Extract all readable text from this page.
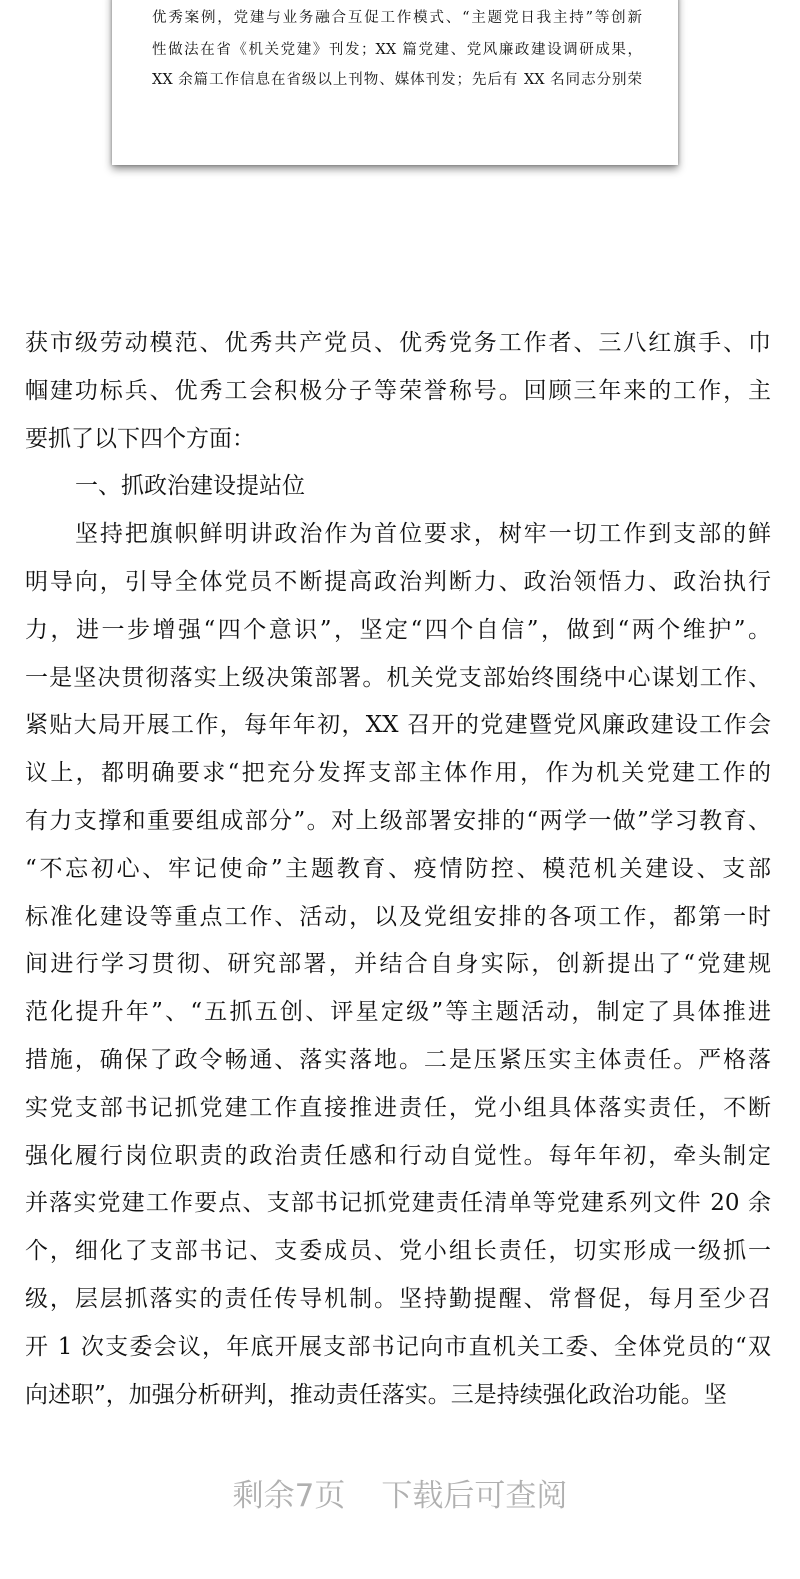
优秀案例，党建与业务融合互促工作模式、“主题党日我主持”等创新
性做法在省《机关党建》刊发；XX 篇党建、党风廉政建设调研成果，
XX 余篇工作信息在省级以上刊物、媒体刊发；先后有 XX 名同志分别荣
获市级劳动模范、优秀共产党员、优秀党务工作者、三八红旗手、巾
帼建功标兵、优秀工会积极分子等荣誉称号。回顾三年来的工作，主
要抓了以下四个方面：
一、抓政治建设提站位
坚持把旗帜鲜明讲政治作为首位要求，树牢一切工作到支部的鲜
明导向，引导全体党员不断提高政治判断力、政治领悟力、政治执行
力，进一步增强“四个意识”，坚定“四个自信”，做到“两个维护”。
一是坚决贯彻落实上级决策部署。机关党支部始终围绕中心谋划工作、
紧贴大局开展工作，每年年初，XX 召开的党建暨党风廉政建设工作会
议上，都明确要求“把充分发挥支部主体作用，作为机关党建工作的
有力支撑和重要组成部分”。对上级部署安排的“两学一做”学习教育、
“不忘初心、牢记使命”主题教育、疫情防控、模范机关建设、支部
标准化建设等重点工作、活动，以及党组安排的各项工作，都第一时
间进行学习贯彻、研究部署，并结合自身实际，创新提出了“党建规
范化提升年”、“五抓五创、评星定级”等主题活动，制定了具体推进
措施，确保了政令畅通、落实落地。二是压紧压实主体责任。严格落
实党支部书记抓党建工作直接推进责任，党小组具体落实责任，不断
强化履行岗位职责的政治责任感和行动自觉性。每年年初，牵头制定
并落实党建工作要点、支部书记抓党建责任清单等党建系列文件 20 余
个，细化了支部书记、支委成员、党小组长责任，切实形成一级抓一
级，层层抓落实的责任传导机制。坚持勤提醒、常督促，每月至少召
开 1 次支委会议，年底开展支部书记向市直机关工委、全体党员的“双
向述职”，加强分析研判，推动责任落实。三是持续强化政治功能。坚
剩余7页 下载后可查阅
